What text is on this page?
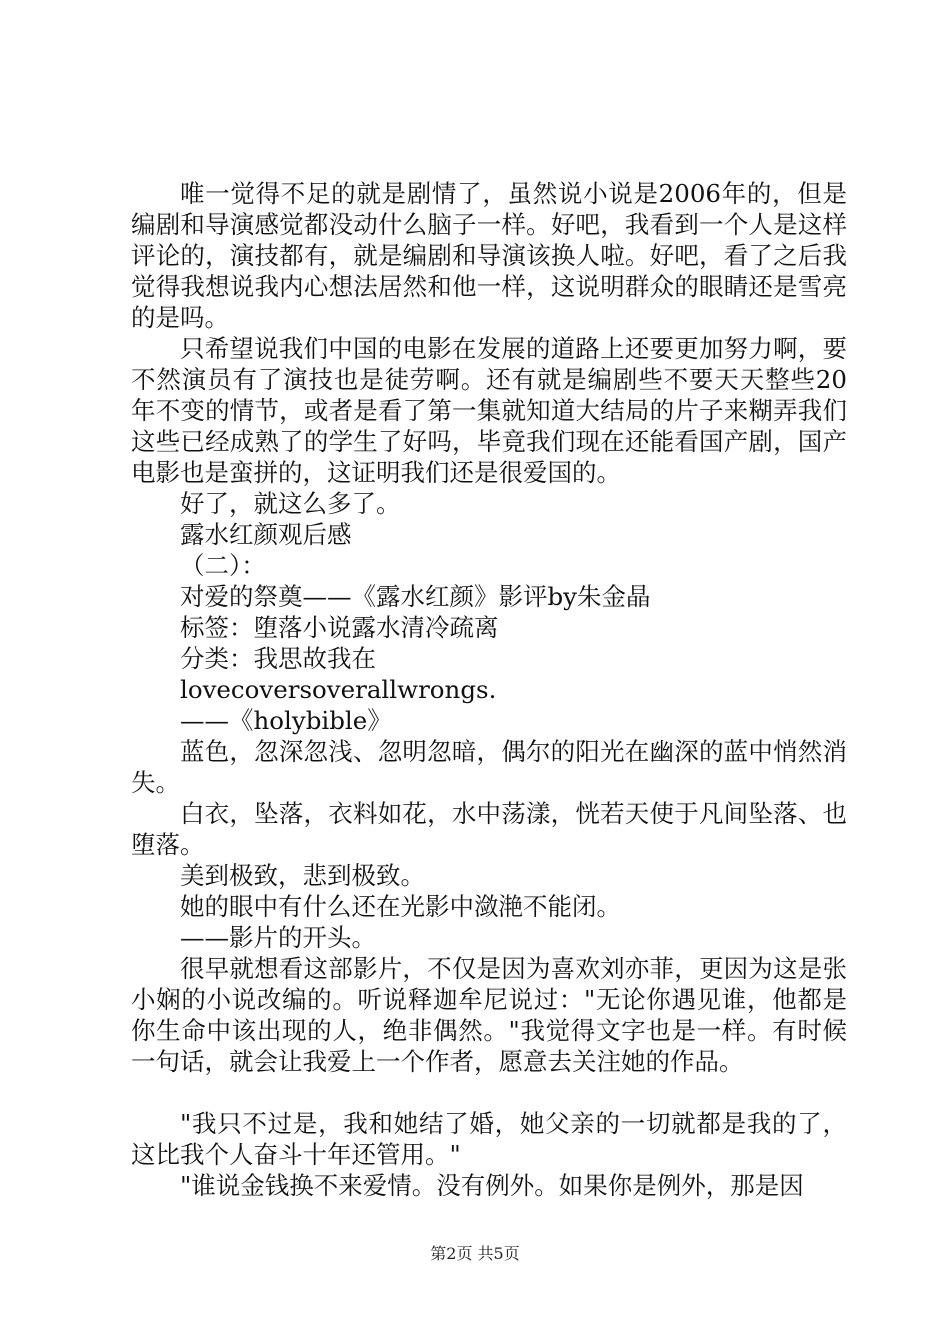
唯一觉得不足的就是剧情了，虽然说小说是2006年的，但是编剧和导演感觉都没动什么脑子一样。好吧，我看到一个人是这样评论的，演技都有，就是编剧和导演该换人啦。好吧，看了之后我觉得我想说我内心想法居然和他一样，这说明群众的眼睛还是雪亮的是吗。

只希望说我们中国的电影在发展的道路上还要更加努力啊，要不然演员有了演技也是徒劳啊。还有就是编剧些不要天天整些20年不变的情节，或者是看了第一集就知道大结局的片子来糊弄我们这些已经成熟了的学生了好吗，毕竟我们现在还能看国产剧，国产电影也是蛮拼的，这证明我们还是很爱国的。

好了，就这么多了。

露水红颜观后感

（二）：

对爱的祭奠——《露水红颜》影评by朱金晶

标签：堕落小说露水清冷疏离

分类：我思故我在

lovecoversoverallwrongs.

——《holybible》

蓝色，忽深忽浅、忽明忽暗，偶尔的阳光在幽深的蓝中悄然消失。

白衣，坠落，衣料如花，水中荡漾，恍若天使于凡间坠落、也堕落。

美到极致，悲到极致。

她的眼中有什么还在光影中潋滟不能闭。

——影片的开头。

很早就想看这部影片，不仅是因为喜欢刘亦菲，更因为这是张小娴的小说改编的。听说释迦牟尼说过："无论你遇见谁，他都是你生命中该出现的人，绝非偶然。"我觉得文字也是一样。有时候一句话，就会让我爱上一个作者，愿意去关注她的作品。

"我只不过是，我和她结了婚，她父亲的一切就都是我的了，这比我个人奋斗十年还管用。"

"谁说金钱换不来爱情。没有例外。如果你是例外，那是因

第2页 共5页
